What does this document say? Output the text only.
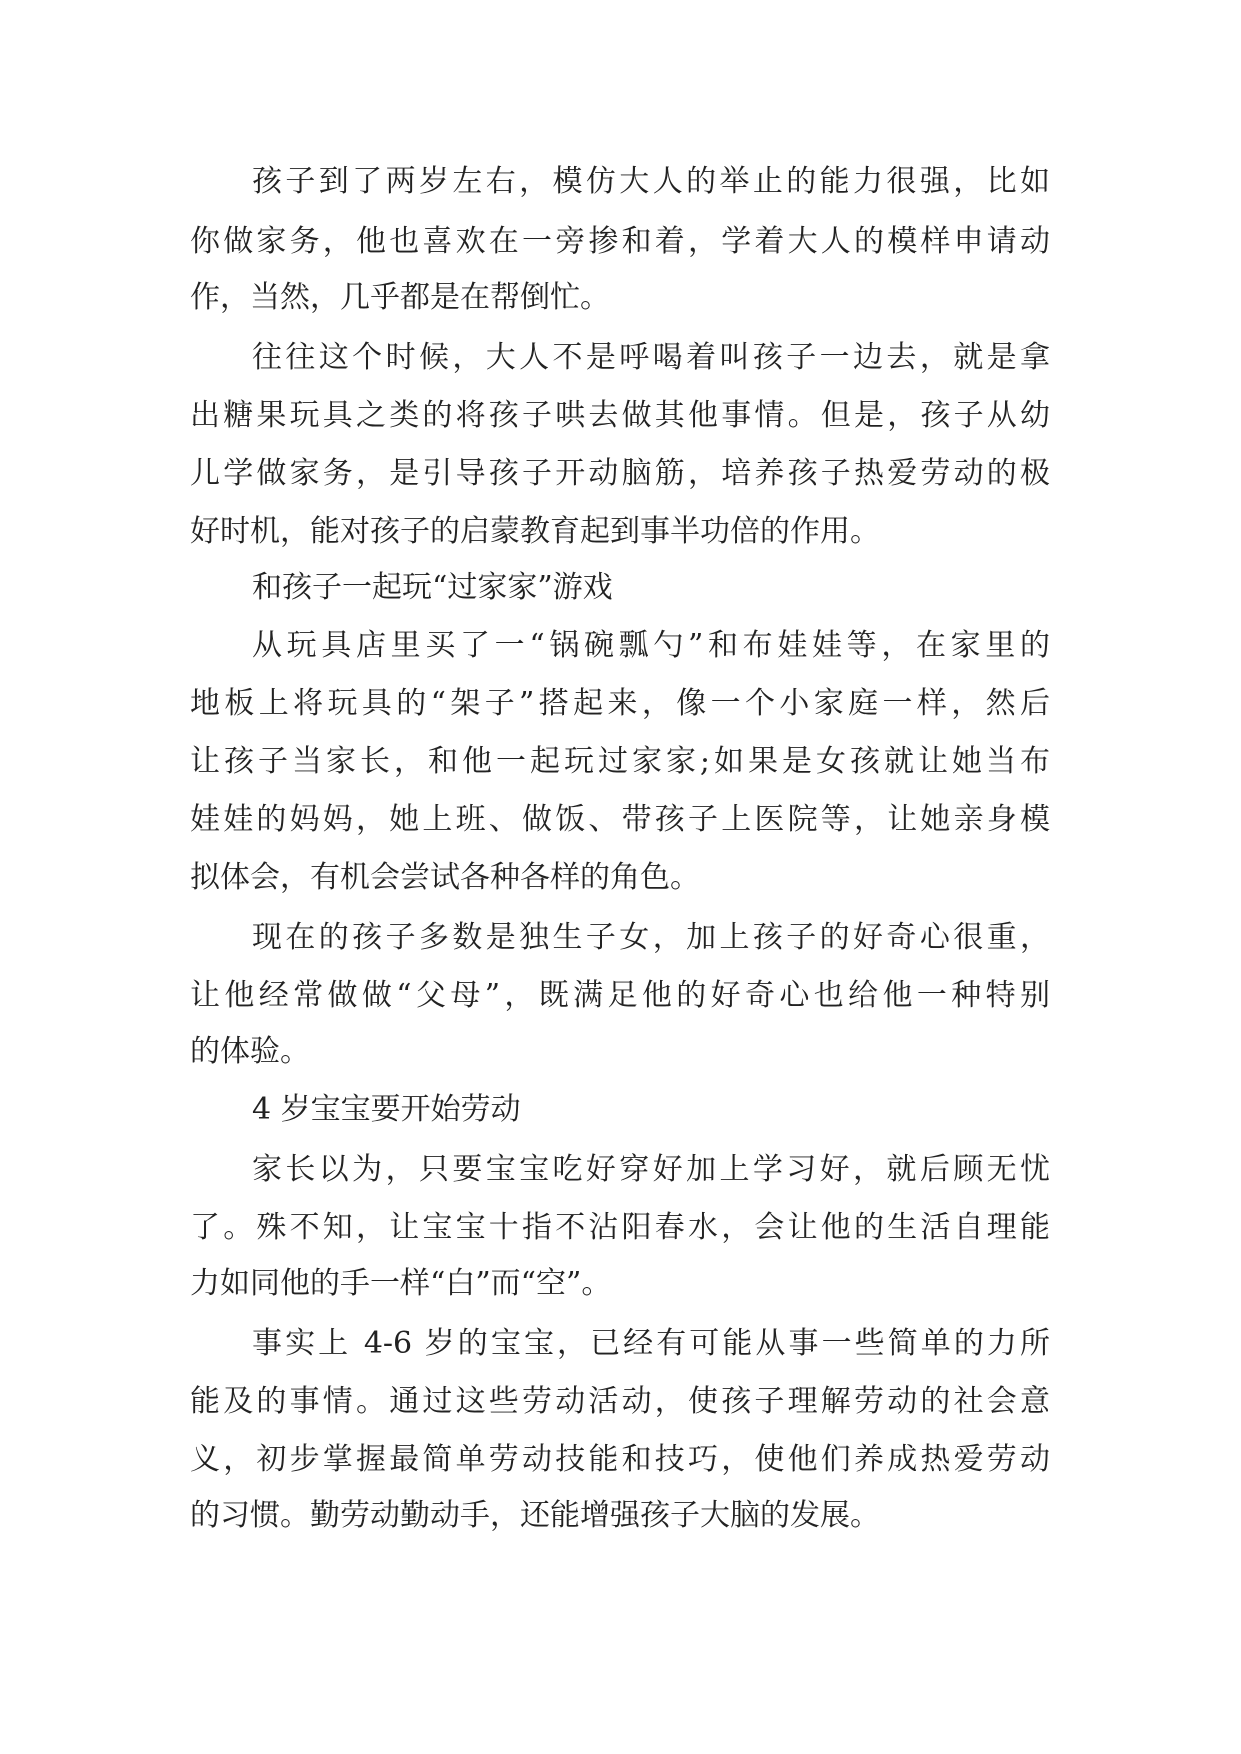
孩子到了两岁左右，模仿大人的举止的能力很强，比如
你做家务，他也喜欢在一旁掺和着，学着大人的模样申请动
作，当然，几乎都是在帮倒忙。
往往这个时候，大人不是呼喝着叫孩子一边去，就是拿
出糖果玩具之类的将孩子哄去做其他事情。但是，孩子从幼
儿学做家务，是引导孩子开动脑筋，培养孩子热爱劳动的极
好时机，能对孩子的启蒙教育起到事半功倍的作用。
和孩子一起玩“过家家”游戏
从玩具店里买了一“锅碗瓢勺”和布娃娃等，在家里的
地板上将玩具的“架子”搭起来，像一个小家庭一样，然后
让孩子当家长，和他一起玩过家家;如果是女孩就让她当布
娃娃的妈妈，她上班、做饭、带孩子上医院等，让她亲身模
拟体会，有机会尝试各种各样的角色。
现在的孩子多数是独生子女，加上孩子的好奇心很重，
让他经常做做“父母”，既满足他的好奇心也给他一种特别
的体验。
4 岁宝宝要开始劳动
家长以为，只要宝宝吃好穿好加上学习好，就后顾无忧
了。殊不知，让宝宝十指不沾阳春水，会让他的生活自理能
力如同他的手一样“白”而“空”。
事实上 4-6 岁的宝宝，已经有可能从事一些简单的力所
能及的事情。通过这些劳动活动，使孩子理解劳动的社会意
义，初步掌握最简单劳动技能和技巧，使他们养成热爱劳动
的习惯。勤劳动勤动手，还能增强孩子大脑的发展。
